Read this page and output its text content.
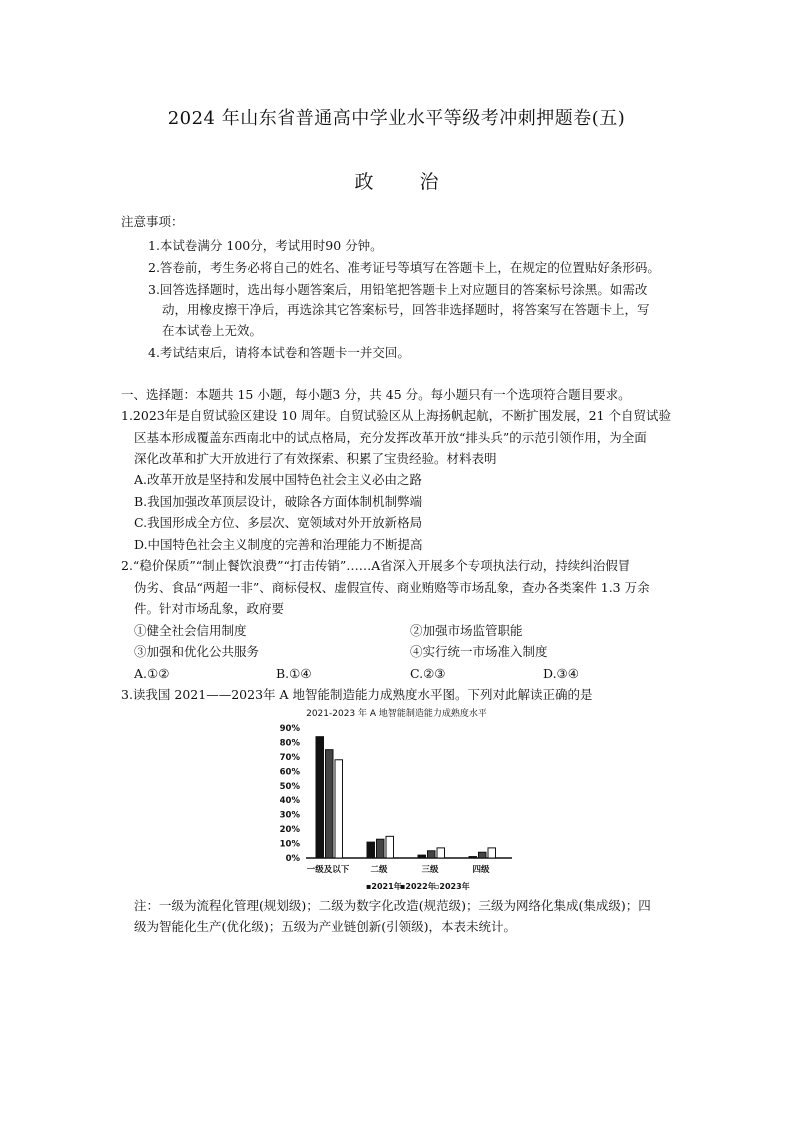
2024 年山东省普通高中学业水平等级考冲刺押题卷(五)
政 治
注意事项：
1.本试卷满分 100分，考试用时90 分钟。
2.答卷前，考生务必将自己的姓名、准考证号等填写在答题卡上，在规定的位置贴好条形码。
3.回答选择题时，选出每小题答案后，用铅笔把答题卡上对应题目的答案标号涂黑。如需改
动，用橡皮擦干净后，再选涂其它答案标号，回答非选择题时，将答案写在答题卡上，写
在本试卷上无效。
4.考试结束后，请将本试卷和答题卡一并交回。
一、选择题：本题共 15 小题，每小题3 分，共 45 分。每小题只有一个选项符合题目要求。
1.2023年是自贸试验区建设 10 周年。自贸试验区从上海扬帆起航，不断扩围发展，21 个自贸试验
区基本形成覆盖东西南北中的试点格局，充分发挥改革开放“排头兵”的示范引领作用，为全面
深化改革和扩大开放进行了有效探索、积累了宝贵经验。材料表明
A.改革开放是坚持和发展中国特色社会主义必由之路
B.我国加强改革顶层设计，破除各方面体制机制弊端
C.我国形成全方位、多层次、宽领域对外开放新格局
D.中国特色社会主义制度的完善和治理能力不断提高
2.“稳价保质”“制止餐饮浪费”“打击传销”……A省深入开展多个专项执法行动，持续纠治假冒
伪劣、食品“两超一非”、商标侵权、虚假宣传、商业贿赂等市场乱象，查办各类案件 1.3 万余
件。针对市场乱象，政府要
①健全社会信用制度	②加强市场监管职能
③加强和优化公共服务	④实行统一市场准入制度
A.①②	B.①④	C.②③	D.③④
3.读我国 2021——2023年 A 地智能制造能力成熟度水平图。下列对此解读正确的是
2021-2023 年 A 地智能制造能力成熟度水平
0%
10%
20%
30%
40%
50%
60%
70%
80%
90%
一级及以下 二级	三级	四级
▪2021年
▪2022年
▫2023年
注：一级为流程化管理(规划级)；二级为数字化改造(规范级)；三级为网络化集成(集成级)；四
级为智能化生产(优化级)；五级为产业链创新(引领级)，本表未统计。
